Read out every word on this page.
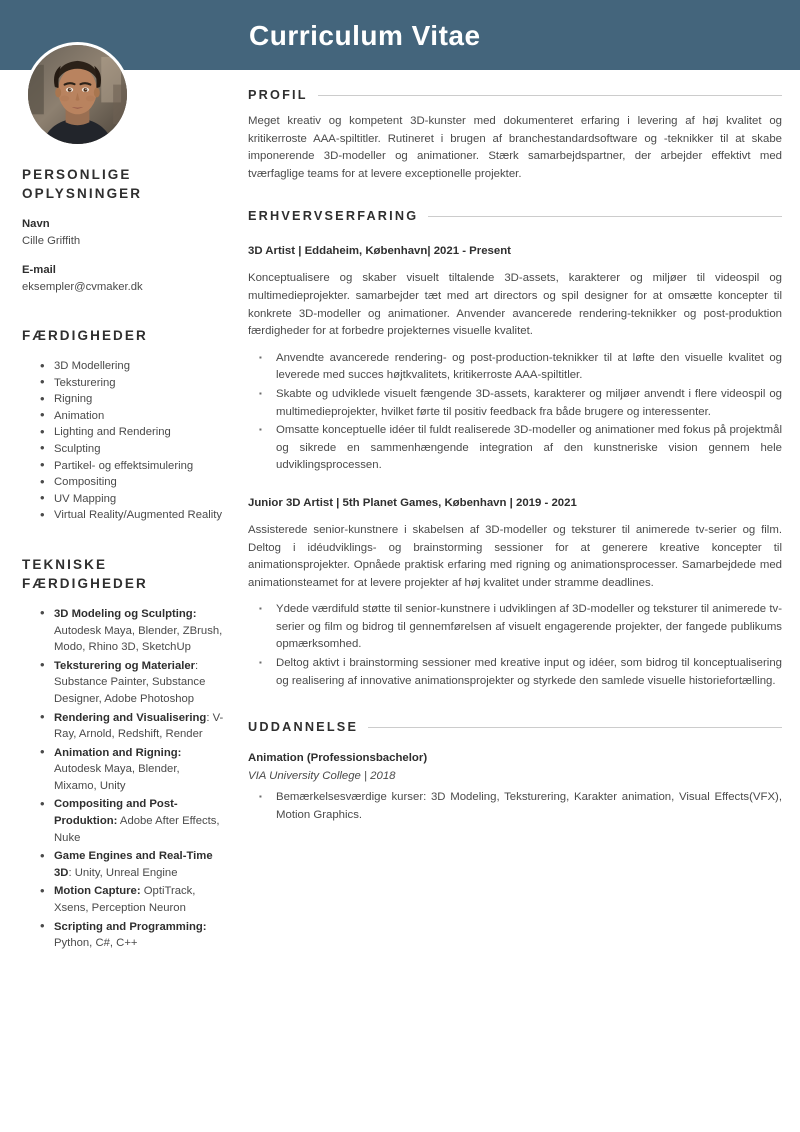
Curriculum Vitae
PERSONLIGE OPLYSNINGER
Navn
Cille Griffith
E-mail
eksempler@cvmaker.dk
FÆRDIGHEDER
• 3D Modellering
• Teksturering
• Rigning
• Animation
• Lighting and Rendering
• Sculpting
• Partikel- og effektsimulering
• Compositing
• UV Mapping
• Virtual Reality/Augmented Reality
TEKNISKE FÆRDIGHEDER
• 3D Modeling og Sculpting: Autodesk Maya, Blender, ZBrush, Modo, Rhino 3D, SketchUp
• Teksturering og Materialer: Substance Painter, Substance Designer, Adobe Photoshop
• Rendering and Visualisering: V-Ray, Arnold, Redshift, Render
• Animation and Rigning: Autodesk Maya, Blender, Mixamo, Unity
• Compositing and Post-Produktion: Adobe After Effects, Nuke
• Game Engines and Real-Time 3D: Unity, Unreal Engine
• Motion Capture: OptiTrack, Xsens, Perception Neuron
• Scripting and Programming: Python, C#, C++
PROFIL

Meget kreativ og kompetent 3D-kunster med dokumenteret erfaring i levering af høj kvalitet og kritikerroste AAA-spiltitler. Rutineret i brugen af branchestandardsoftware og -teknikker til at skabe imponerende 3D-modeller og animationer. Stærk samarbejdspartner, der arbejder effektivt med tværfaglige teams for at levere exceptionelle projekter.

ERHVERVSERFARING
3D Artist | Eddaheim, København| 2021 - Present

Konceptualisere og skaber visuelt tiltalende 3D-assets, karakterer og miljøer til videospil og multimedieprojekter. samarbejder tæt med art directors og spil designer for at omsætte koncepter til konkrete 3D-modeller og animationer. Anvender avancerede rendering-teknikker og post-produktion færdigheder for at forbedre projekternes visuelle kvalitet.

▪ Anvendte avancerede rendering- og post-production-teknikker til at løfte den visuelle kvalitet og leverede med succes højtkvalitets, kritikerroste AAA-spiltitler.
▪ Skabte og udviklede visuelt fængende 3D-assets, karakterer og miljøer anvendt i flere videospil og multimedieprojekter, hvilket førte til positiv feedback fra både brugere og interessenter.
▪ Omsatte konceptuelle idéer til fuldt realiserede 3D-modeller og animationer med fokus på projektmål og sikrede en sammenhængende integration af den kunstneriske vision gennem hele udviklingsprocessen.
Junior 3D Artist | 5th Planet Games, København | 2019 - 2021

Assisterede senior-kunstnere i skabelsen af 3D-modeller og teksturer til animerede tv-serier og film. Deltog i idéudviklings- og brainstorming sessioner for at generere kreative koncepter til animationsprojekter. Opnåede praktisk erfaring med rigning og animationsprocesser. Samarbejdede med animationsteamet for at levere projekter af høj kvalitet under stramme deadlines.

▪ Ydede værdifuld støtte til senior-kunstnere i udviklingen af 3D-modeller og teksturer til animerede tv-serier og film og bidrog til gennemførelsen af visuelt engagerende projekter, der fangede publikums opmærksomhed.
▪ Deltog aktivt i brainstorming sessioner med kreative input og idéer, som bidrog til konceptualisering og realisering af innovative animationsprojekter og styrkede den samlede visuelle historiefortælling.
UDDANNELSE
Animation (Professionsbachelor)
VIA University College | 2018
▪ Bemærkelsesværdige kurser: 3D Modeling, Teksturering, Karakter animation, Visual Effects(VFX), Motion Graphics.
